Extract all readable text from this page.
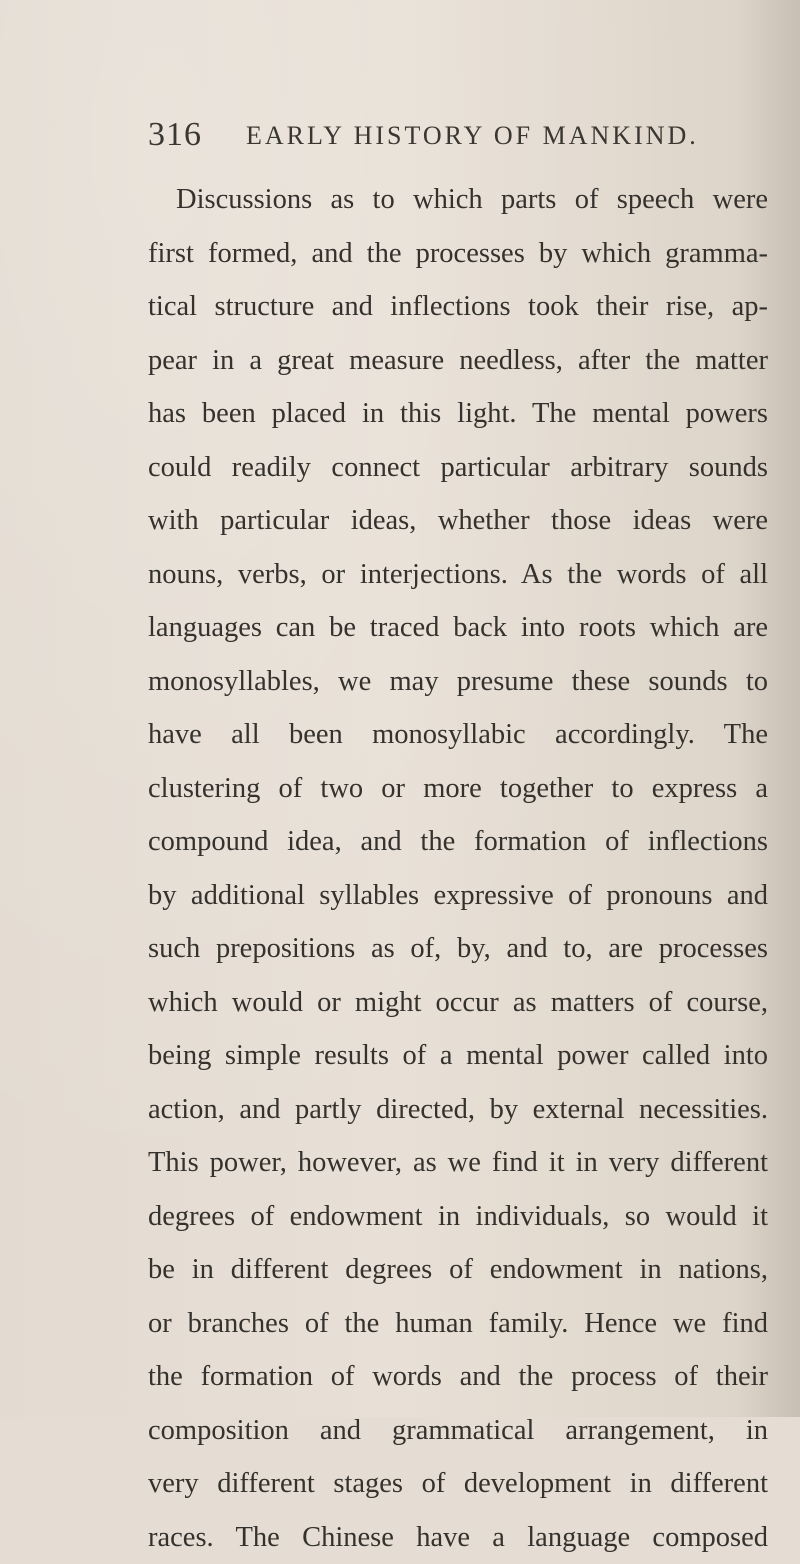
316 EARLY HISTORY OF MANKIND.
Discussions as to which parts of speech were
first formed, and the processes by which gramma-
tical structure and inflections took their rise, ap-
pear in a great measure needless, after the matter
has been placed in this light. The mental powers
could readily connect particular arbitrary sounds
with particular ideas, whether those ideas were
nouns, verbs, or interjections. As the words of all
languages can be traced back into roots which are
monosyllables, we may presume these sounds to
have all been monosyllabic accordingly. The
clustering of two or more together to express a
compound idea, and the formation of inflections
by additional syllables expressive of pronouns and
such prepositions as of, by, and to, are processes
which would or might occur as matters of course,
being simple results of a mental power called into
action, and partly directed, by external necessities.
This power, however, as we find it in very different
degrees of endowment in individuals, so would it
be in different degrees of endowment in nations,
or branches of the human family. Hence we find
the formation of words and the process of their
composition and grammatical arrangement, in
very different stages of development in different
races. The Chinese have a language composed
